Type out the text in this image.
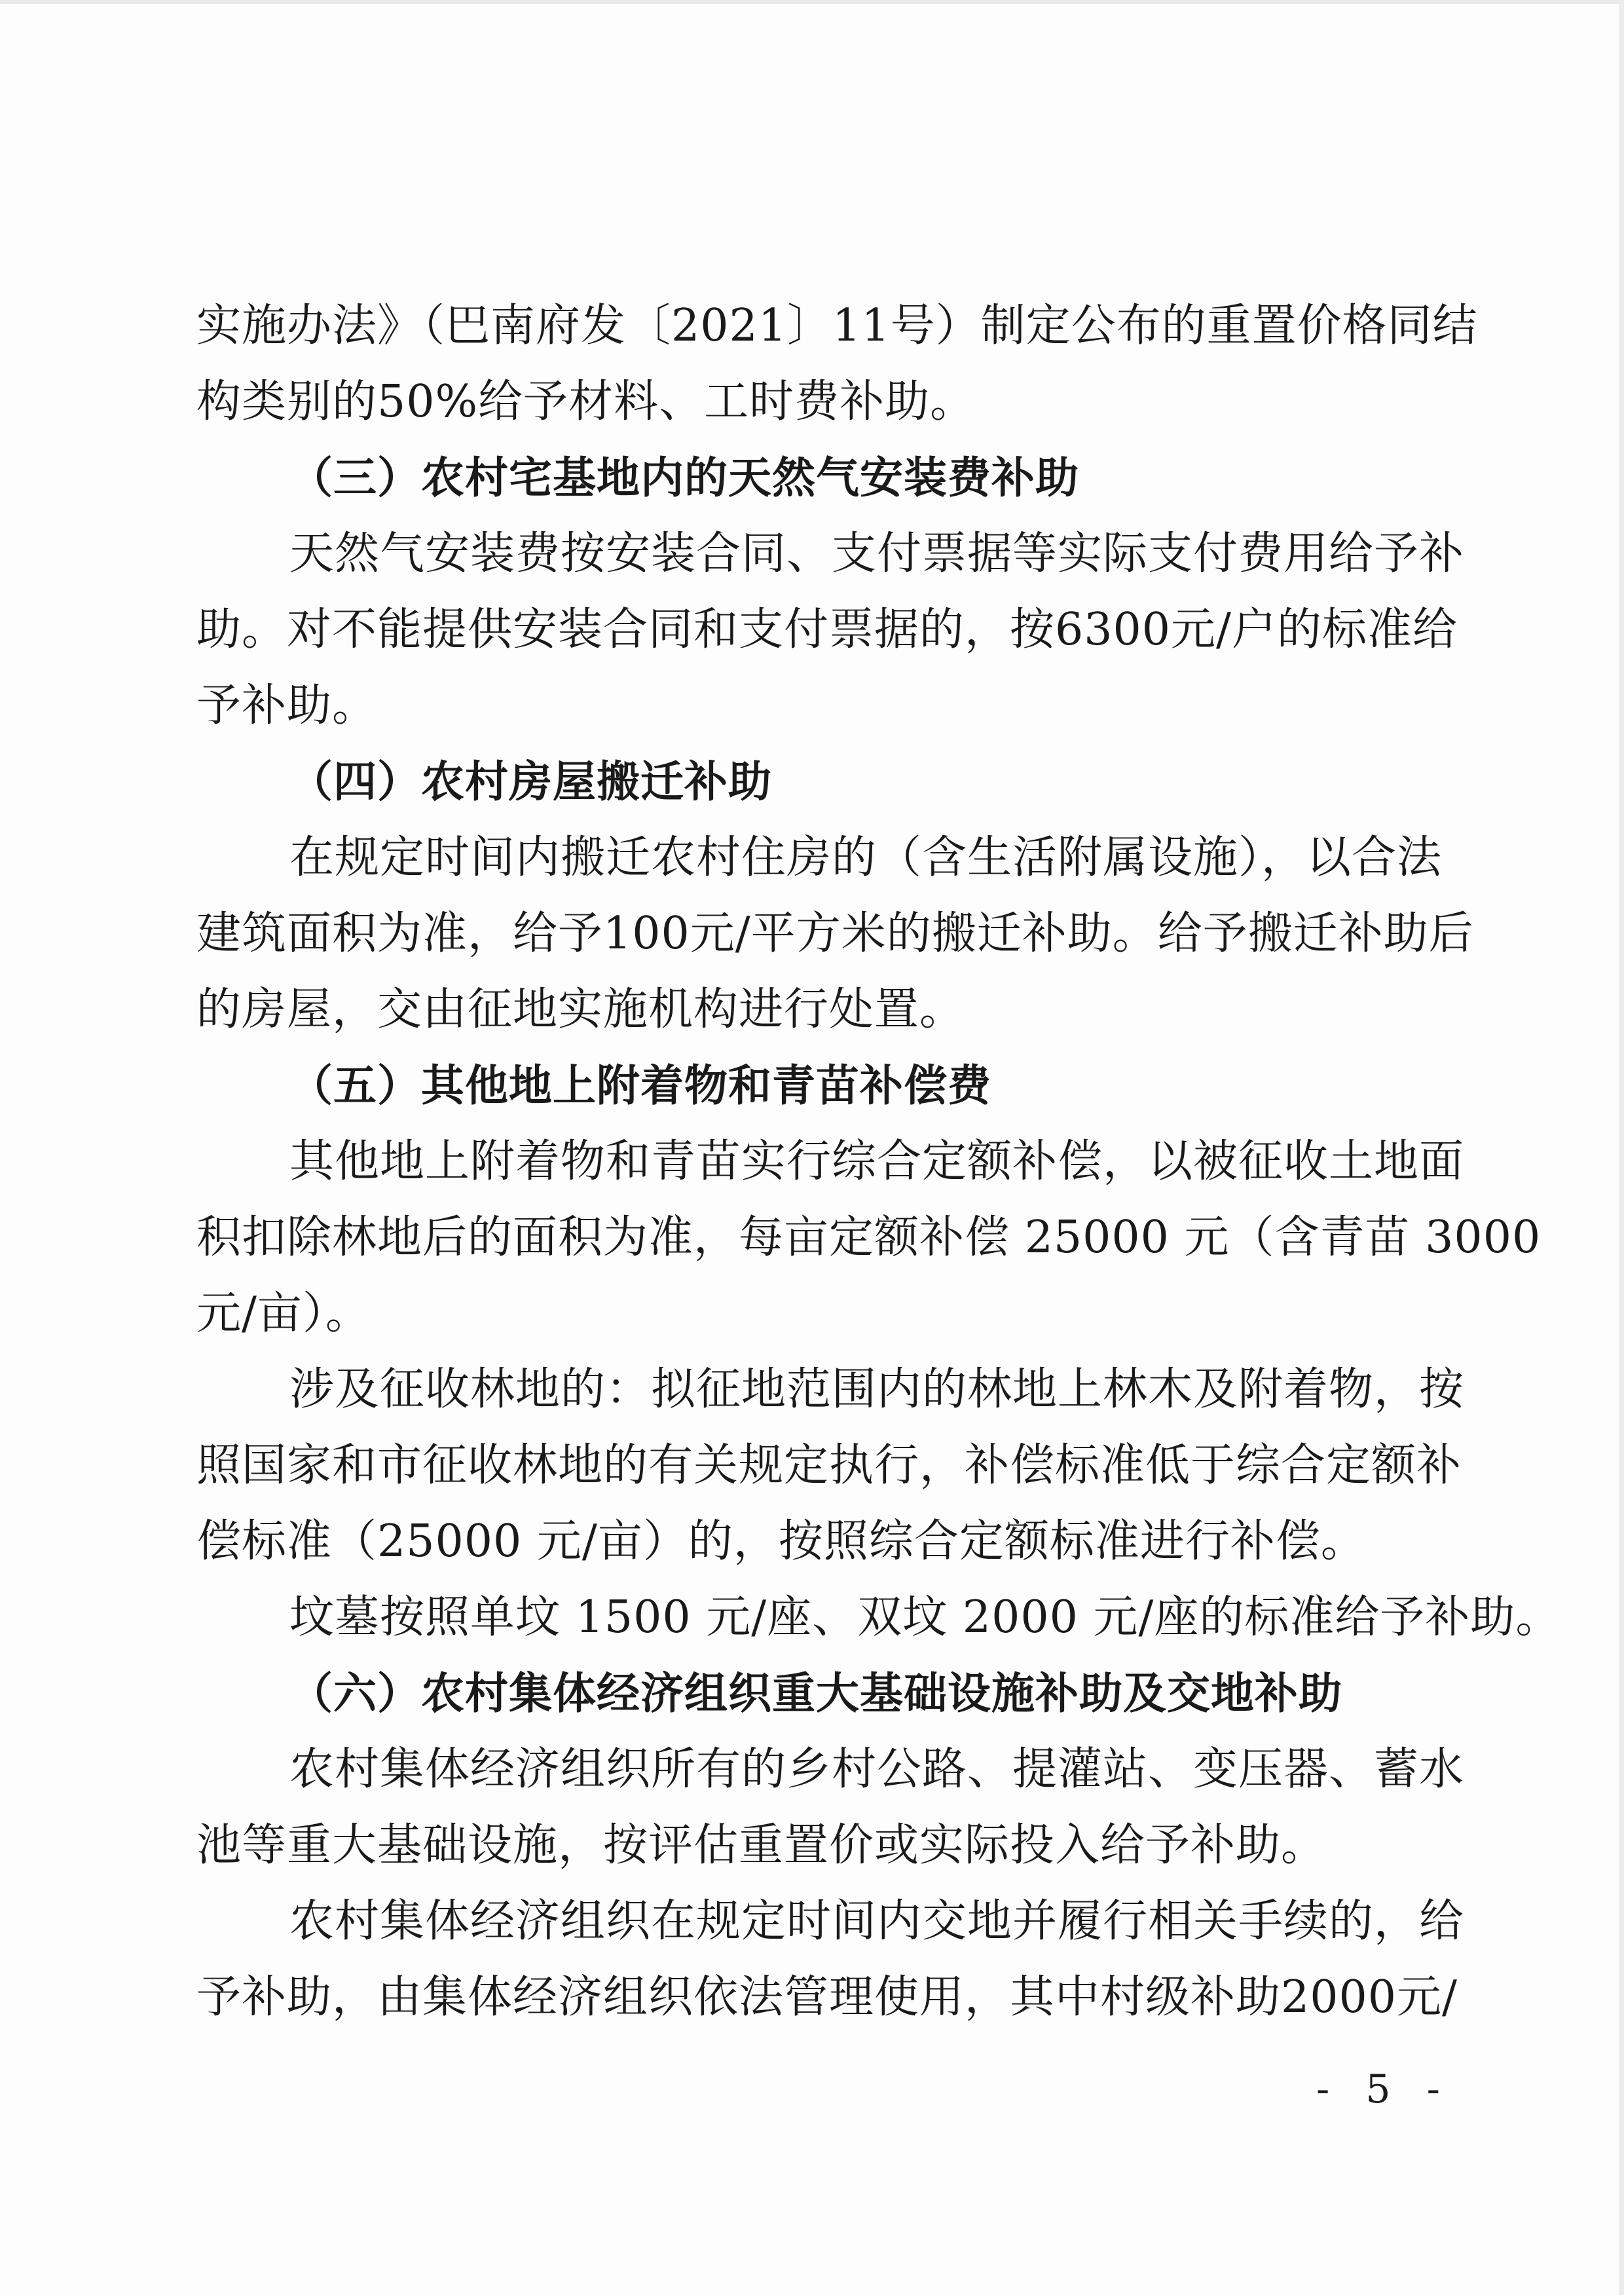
实施办法》（巴南府发〔2021〕11号）制定公布的重置价格同结
构类别的50%给予材料、工时费补助。
（三）农村宅基地内的天然气安装费补助
天然气安装费按安装合同、支付票据等实际支付费用给予补
助。对不能提供安装合同和支付票据的，按6300元/户的标准给
予补助。
（四）农村房屋搬迁补助
在规定时间内搬迁农村住房的（含生活附属设施），以合法
建筑面积为准，给予100元/平方米的搬迁补助。给予搬迁补助后
的房屋，交由征地实施机构进行处置。
（五）其他地上附着物和青苗补偿费
其他地上附着物和青苗实行综合定额补偿，以被征收土地面
积扣除林地后的面积为准，每亩定额补偿 25000 元（含青苗 3000
元/亩）。
涉及征收林地的：拟征地范围内的林地上林木及附着物，按
照国家和市征收林地的有关规定执行，补偿标准低于综合定额补
偿标准（25000 元/亩）的，按照综合定额标准进行补偿。
坟墓按照单坟 1500 元/座、双坟 2000 元/座的标准给予补助。
（六）农村集体经济组织重大基础设施补助及交地补助
农村集体经济组织所有的乡村公路、提灌站、变压器、蓄水
池等重大基础设施，按评估重置价或实际投入给予补助。
农村集体经济组织在规定时间内交地并履行相关手续的，给
予补助，由集体经济组织依法管理使用，其中村级补助2000元/
- 5 -
